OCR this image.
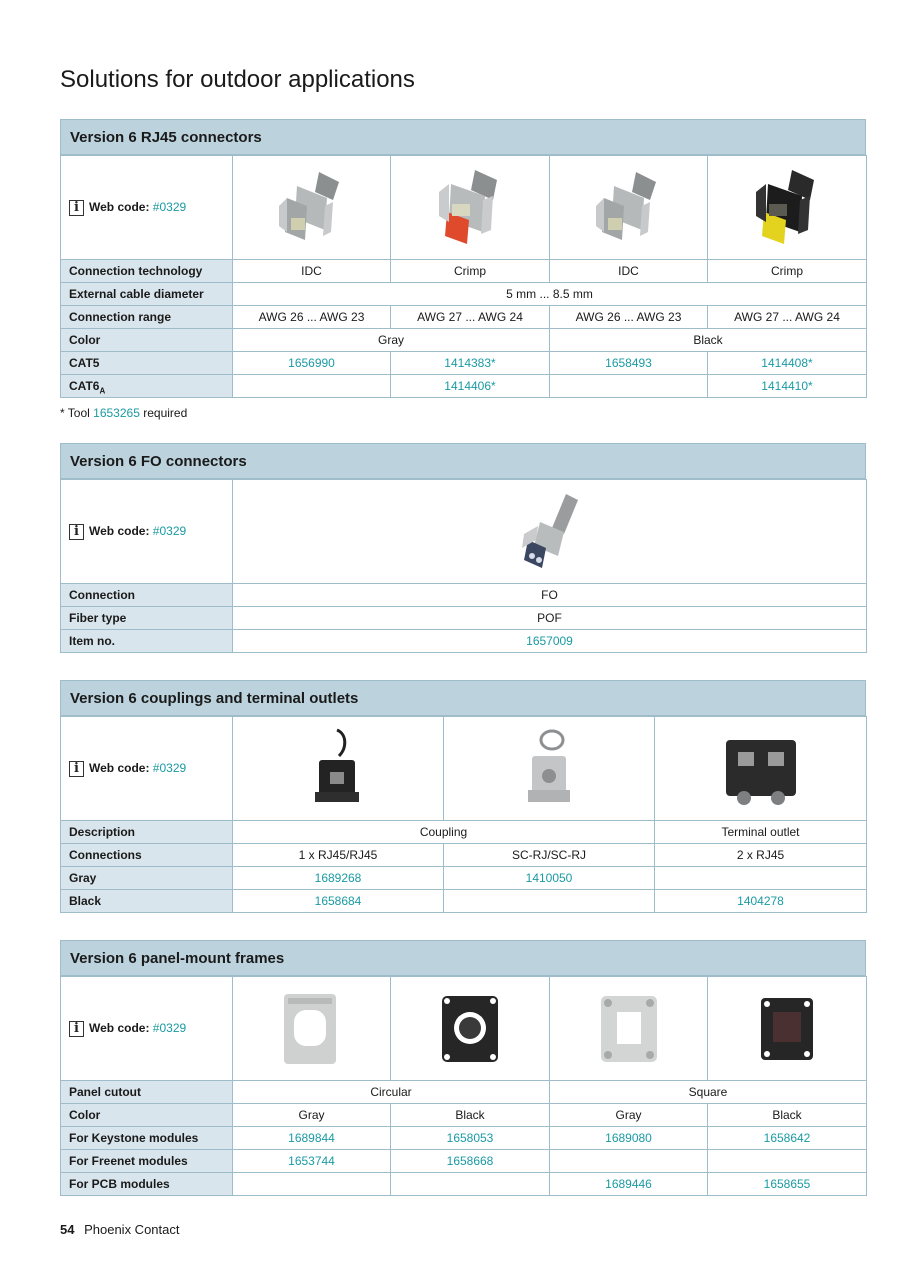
Solutions for outdoor applications
Version 6 RJ45 connectors
i Web code:
#0329

Connection technology	IDC	Crimp	IDC	Crimp
External cable diameter	5 mm ... 8.5 mm			
Connection range	AWG 26 ... AWG 23	AWG 27 ... AWG 24	AWG 26 ... AWG 23	AWG 27 ... AWG 24
Color	Gray		Black	
CAT5	1656990	1414383*	1658493	1414408*
$CAT6_A$		1414406*		1414410*
* Tool 1653265 required
Version 6 FO connectors
i Web code:
#0329

Connection	FO
Fiber type	POF
Item no.	1657009
Version 6 couplings and terminal outlets
i Web code:
#0329

Description	Coupling		Terminal outlet
Connections	1 x RJ45/RJ45	SC-RJ/SC-RJ	2 x RJ45
Gray	1689268	1410050	
Black	1658684		1404278
Version 6 panel-mount frames
i Web code:
#0329

Panel cutout	Circular		Square	
Color	Gray	Black	Gray	Black
For Keystone modules	1689844	1658053	1689080	1658642
For Freenet modules	1653744	1658668		
For PCB modules			1689446	1658655
54 Phoenix Contact
